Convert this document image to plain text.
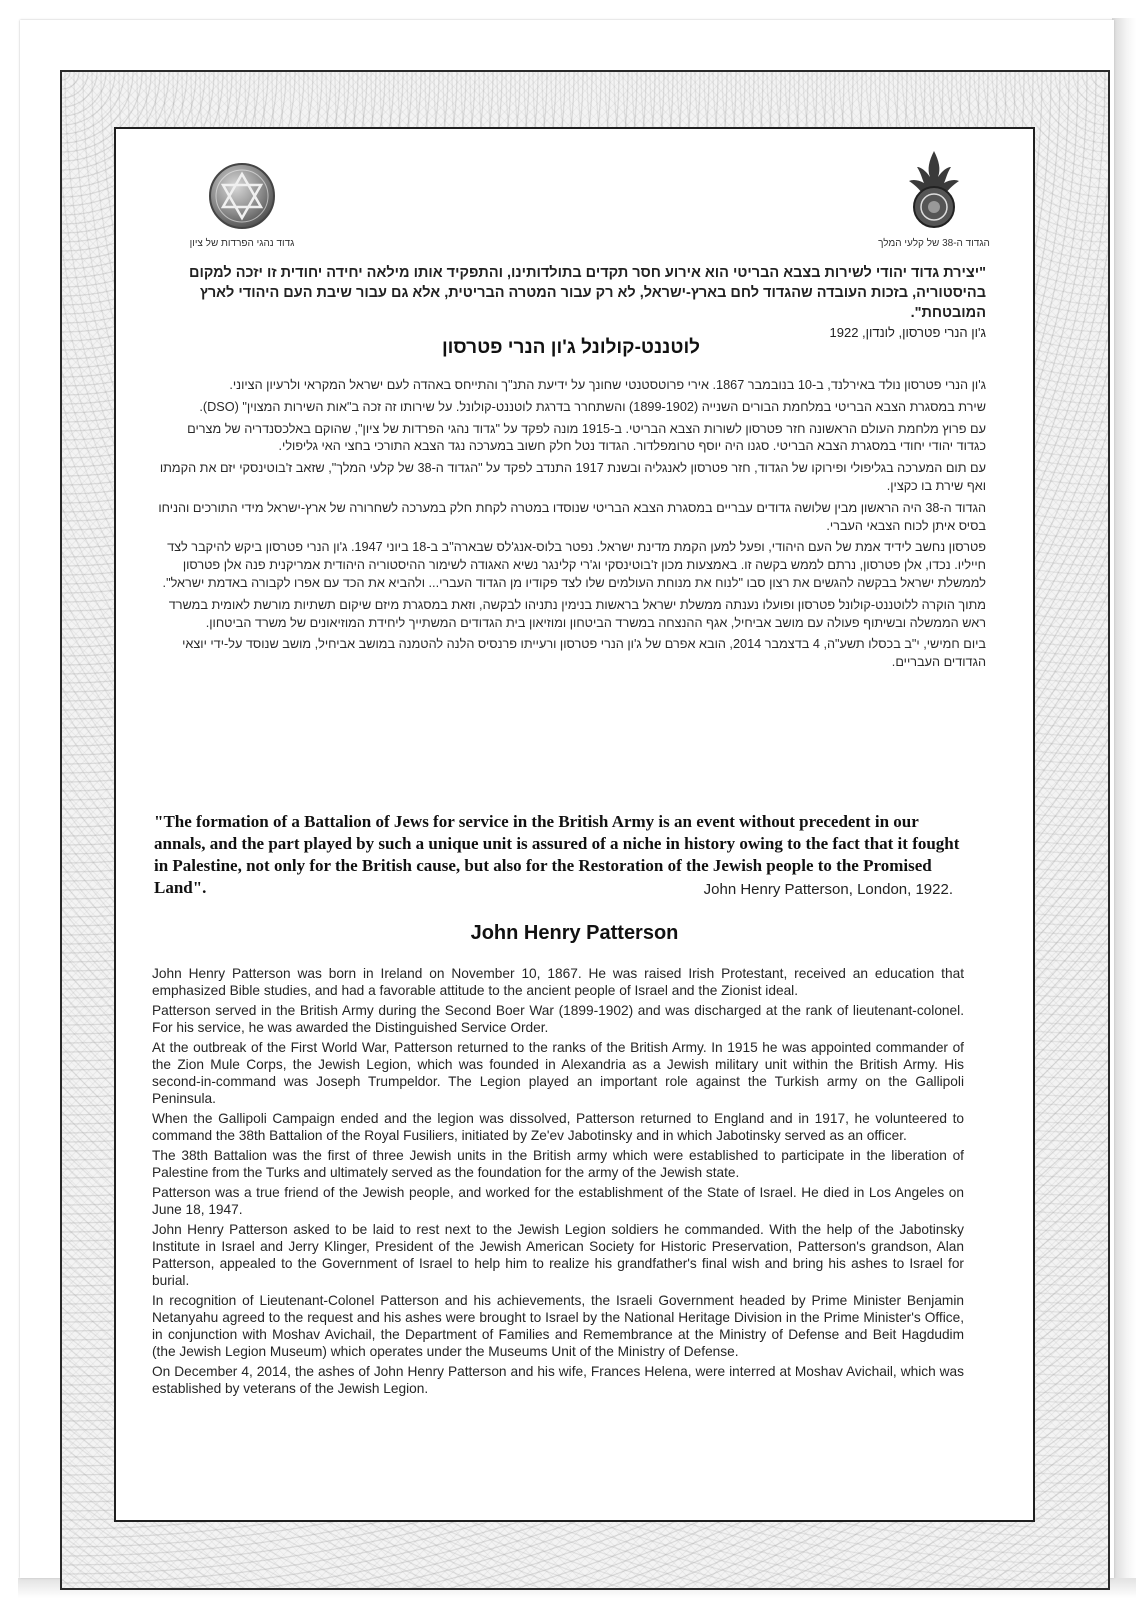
גדוד נהגי הפרדות של ציון	הגדוד ה-38 של קלעי המלך
"יצירת גדוד יהודי לשירות בצבא הבריטי הוא אירוע חסר תקדים בתולדותינו, והתפקיד אותו מילאה יחידה יחודית זו יזכה למקום בהיסטוריה, בזכות העובדה שהגדוד לחם בארץ-ישראל, לא רק עבור המטרה הבריטית, אלא גם עבור שיבת העם היהודי לארץ המובטחת".
ג'ון הנרי פטרסון, לונדון, 1922
לוטננט-קולונל ג'ון הנרי פטרסון

ג'ון הנרי פטרסון נולד באירלנד, ב-10 בנובמבר 1867. אירי פרוטסטנטי שחונך על ידיעת התנ"ך והתייחס באהדה לעם ישראל המקראי ולרעיון הציוני.

שירת במסגרת הצבא הבריטי במלחמת הבורים השנייה (1899-1902) והשתחרר בדרגת לוטננט-קולונל. על שירותו זה זכה ב"אות השירות המצוין" (DSO).

עם פרוץ מלחמת העולם הראשונה חזר פטרסון לשורות הצבא הבריטי. ב-1915 מונה לפקד על "גדוד נהגי הפרדות של ציון", שהוקם באלכסנדריה של מצרים כגדוד יהודי יחודי במסגרת הצבא הבריטי. סגנו היה יוסף טרומפלדור. הגדוד נטל חלק חשוב במערכה נגד הצבא התורכי בחצי האי גליפולי.

עם תום המערכה בגליפולי ופירוקו של הגדוד, חזר פטרסון לאנגליה ובשנת 1917 התנדב לפקד על "הגדוד ה-38 של קלעי המלך", שזאב ז'בוטינסקי יזם את הקמתו ואף שירת בו כקצין.

הגדוד ה-38 היה הראשון מבין שלושה גדודים עבריים במסגרת הצבא הבריטי שנוסדו במטרה לקחת חלק במערכה לשחרורה של ארץ-ישראל מידי התורכים והניחו בסיס איתן לכוח הצבאי העברי.

פטרסון נחשב לידיד אמת של העם היהודי, ופעל למען הקמת מדינת ישראל. נפטר בלוס-אנג'לס שבארה"ב ב-18 ביוני 1947. ג'ון הנרי פטרסון ביקש להיקבר לצד חייליו. נכדו, אלן פטרסון, נרתם לממש בקשה זו. באמצעות מכון ז'בוטינסקי וג'רי קלינגר נשיא האגודה לשימור ההיסטוריה היהודית אמריקנית פנה אלן פטרסון לממשלת ישראל בבקשה להגשים את רצון סבו "לנוח את מנוחת העולמים שלו לצד פקודיו מן הגדוד העברי... ולהביא את הכד עם אפרו לקבורה באדמת ישראל".

מתוך הוקרה ללוטננט-קולונל פטרסון ופועלו נענתה ממשלת ישראל בראשות בנימין נתניהו לבקשה, וזאת במסגרת מיזם שיקום תשתיות מורשת לאומית במשרד ראש הממשלה ובשיתוף פעולה עם מושב אביחיל, אגף ההנצחה במשרד הביטחון ומוזיאון בית הגדודים המשתייך ליחידת המוזיאונים של משרד הביטחון.

ביום חמישי, י"ב בכסלו תשע"ה, 4 בדצמבר 2014, הובא אפרם של ג'ון הנרי פטרסון ורעייתו פרנסיס הלנה להטמנה במושב אביחיל, מושב שנוסד על-ידי יוצאי הגדודים העבריים.

"The formation of a Battalion of Jews for service in the British Army is an event without precedent in our annals, and the part played by such a unique unit is assured of a niche in history owing to the fact that it fought in Palestine, not only for the British cause, but also for the Restoration of the Jewish people to the Promised Land".	John Henry Patterson, London, 1922.
John Henry Patterson

John Henry Patterson was born in Ireland on November 10, 1867. He was raised Irish Protestant, received an education that emphasized Bible studies, and had a favorable attitude to the ancient people of Israel and the Zionist ideal.

Patterson served in the British Army during the Second Boer War (1899-1902) and was discharged at the rank of lieutenant-colonel. For his service, he was awarded the Distinguished Service Order.

At the outbreak of the First World War, Patterson returned to the ranks of the British Army. In 1915 he was appointed commander of the Zion Mule Corps, the Jewish Legion, which was founded in Alexandria as a Jewish military unit within the British Army. His second-in-command was Joseph Trumpeldor. The Legion played an important role against the Turkish army on the Gallipoli Peninsula.

When the Gallipoli Campaign ended and the legion was dissolved, Patterson returned to England and in 1917, he volunteered to command the 38th Battalion of the Royal Fusiliers, initiated by Ze'ev Jabotinsky and in which Jabotinsky served as an officer.

The 38th Battalion was the first of three Jewish units in the British army which were established to participate in the liberation of Palestine from the Turks and ultimately served as the foundation for the army of the Jewish state.

Patterson was a true friend of the Jewish people, and worked for the establishment of the State of Israel. He died in Los Angeles on June 18, 1947.

John Henry Patterson asked to be laid to rest next to the Jewish Legion soldiers he commanded. With the help of the Jabotinsky Institute in Israel and Jerry Klinger, President of the Jewish American Society for Historic Preservation, Patterson's grandson, Alan Patterson, appealed to the Government of Israel to help him to realize his grandfather's final wish and bring his ashes to Israel for burial.

In recognition of Lieutenant-Colonel Patterson and his achievements, the Israeli Government headed by Prime Minister Benjamin Netanyahu agreed to the request and his ashes were brought to Israel by the National Heritage Division in the Prime Minister's Office, in conjunction with Moshav Avichail, the Department of Families and Remembrance at the Ministry of Defense and Beit Hagdudim (the Jewish Legion Museum) which operates under the Museums Unit of the Ministry of Defense.

On December 4, 2014, the ashes of John Henry Patterson and his wife, Frances Helena, were interred at Moshav Avichail, which was established by veterans of the Jewish Legion.
